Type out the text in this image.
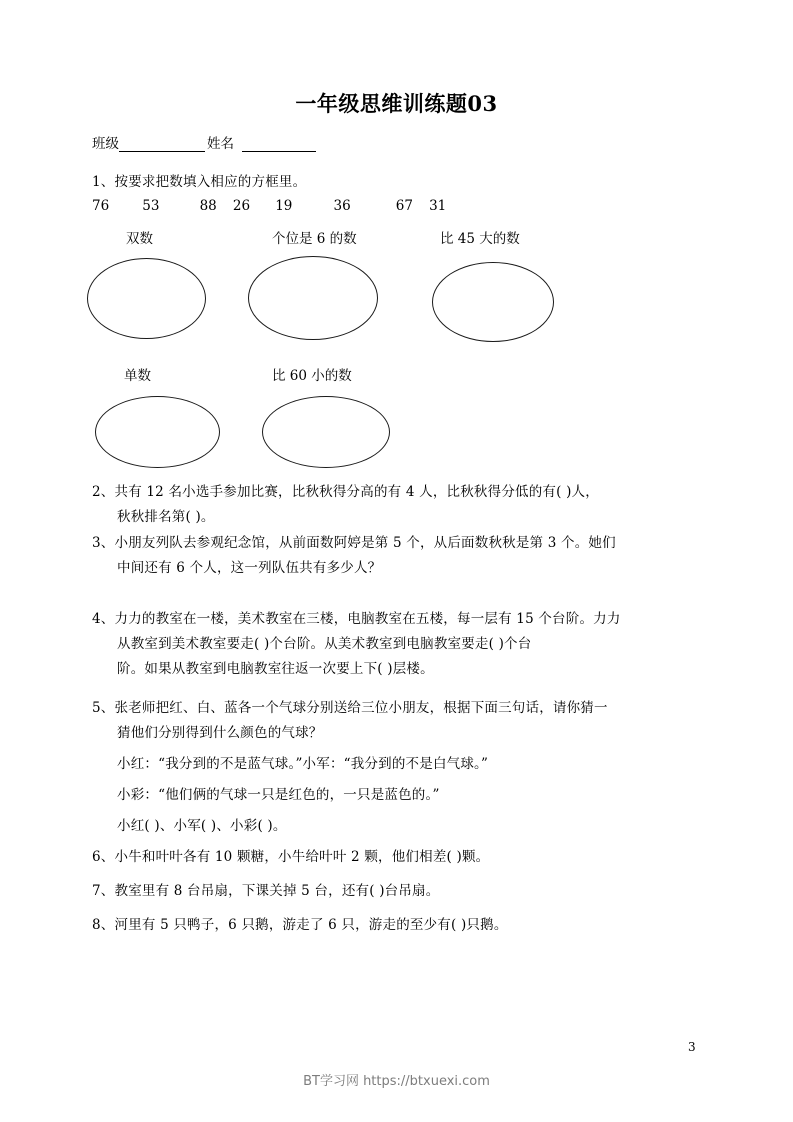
一年级思维训练题03
班级	姓名
1、按要求把数填入相应的方框里。
76 53	88 26 19	36	67 31
双数	个位是 6 的数	比 45 大的数
单数	比 60 小的数
2、共有 12 名小选手参加比赛，比秋秋得分高的有 4 人，比秋秋得分低的有( )人，
秋秋排名第( )。
3、小朋友列队去参观纪念馆，从前面数阿婷是第 5 个，从后面数秋秋是第 3 个。她们
中间还有 6 个人，这一列队伍共有多少人？
4、力力的教室在一楼，美术教室在三楼，电脑教室在五楼，每一层有 15 个台阶。力力
从教室到美术教室要走( )个台阶。从美术教室到电脑教室要走( )个台
阶。如果从教室到电脑教室往返一次要上下( )层楼。
5、张老师把红、白、蓝各一个气球分别送给三位小朋友，根据下面三句话，请你猜一
猜他们分别得到什么颜色的气球？
小红：“我分到的不是蓝气球。”小军：“我分到的不是白气球。”
小彩：“他们俩的气球一只是红色的，一只是蓝色的。”
小红( )、小军( )、小彩( )。
6、小牛和叶叶各有 10 颗糖，小牛给叶叶 2 颗，他们相差( )颗。
7、教室里有 8 台吊扇，下课关掉 5 台，还有( )台吊扇。
8、河里有 5 只鸭子，6 只鹅，游走了 6 只，游走的至少有( )只鹅。
3
BT学习网 https://btxuexi.com
